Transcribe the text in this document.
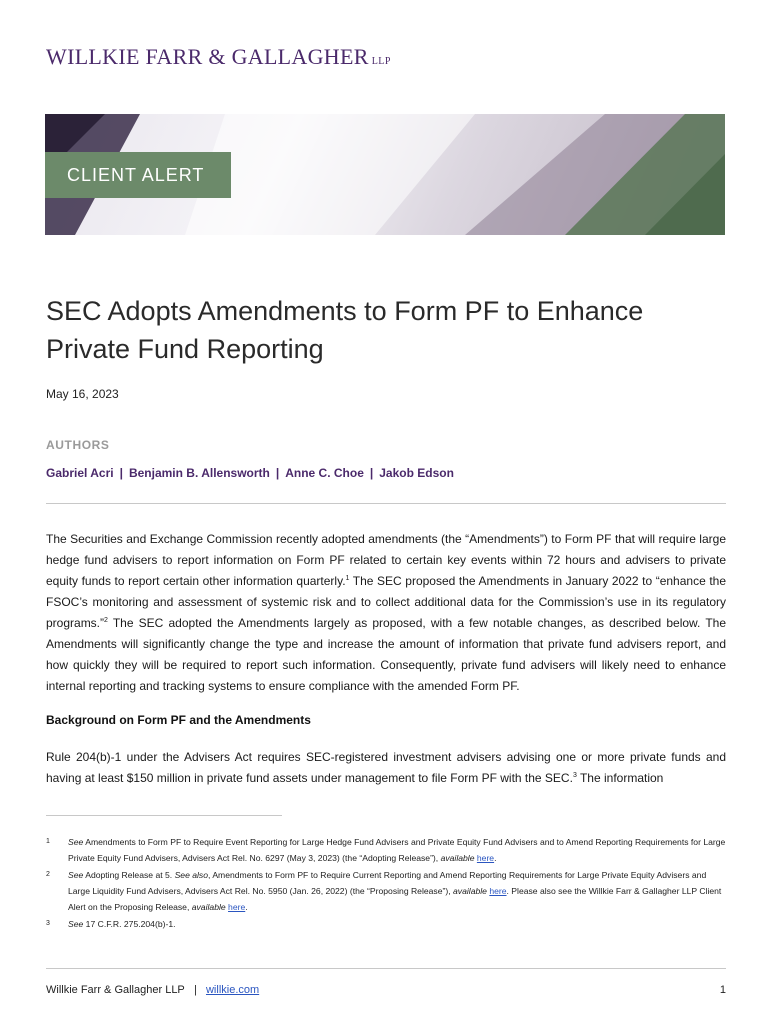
WILLKIE FARR & GALLAGHER LLP
CLIENT ALERT
SEC Adopts Amendments to Form PF to Enhance Private Fund Reporting
May 16, 2023
AUTHORS
Gabriel Acri | Benjamin B. Allensworth | Anne C. Choe | Jakob Edson

The Securities and Exchange Commission recently adopted amendments (the “Amendments”) to Form PF that will require large hedge fund advisers to report information on Form PF related to certain key events within 72 hours and advisers to private equity funds to report certain other information quarterly.$^1$ The SEC proposed the Amendments in January 2022 to “enhance the FSOC’s monitoring and assessment of systemic risk and to collect additional data for the Commission’s use in its regulatory programs.”$^2$ The SEC adopted the Amendments largely as proposed, with a few notable changes, as described below. The Amendments will significantly change the type and increase the amount of information that private fund advisers report, and how quickly they will be required to report such information. Consequently, private fund advisers will likely need to enhance internal reporting and tracking systems to ensure compliance with the amended Form PF.

Background on Form PF and the Amendments

Rule 204(b)-1 under the Advisers Act requires SEC-registered investment advisers advising one or more private funds and having at least $150 million in private fund assets under management to file Form PF with the SEC.$^3$ The information

1	See Amendments to Form PF to Require Event Reporting for Large Hedge Fund Advisers and Private Equity Fund Advisers and to Amend Reporting Requirements for Large Private Equity Fund Advisers, Advisers Act Rel. No. 6297 (May 3, 2023) (the “Adopting Release”), available here.
2	See Adopting Release at 5. See also, Amendments to Form PF to Require Current Reporting and Amend Reporting Requirements for Large Private Equity Advisers and Large Liquidity Fund Advisers, Advisers Act Rel. No. 5950 (Jan. 26, 2022) (the “Proposing Release”), available here. Please also see the Willkie Farr & Gallagher LLP Client Alert on the Proposing Release, available here.
3	See 17 C.F.R. 275.204(b)-1.
Willkie Farr & Gallagher LLP | willkie.com	1
